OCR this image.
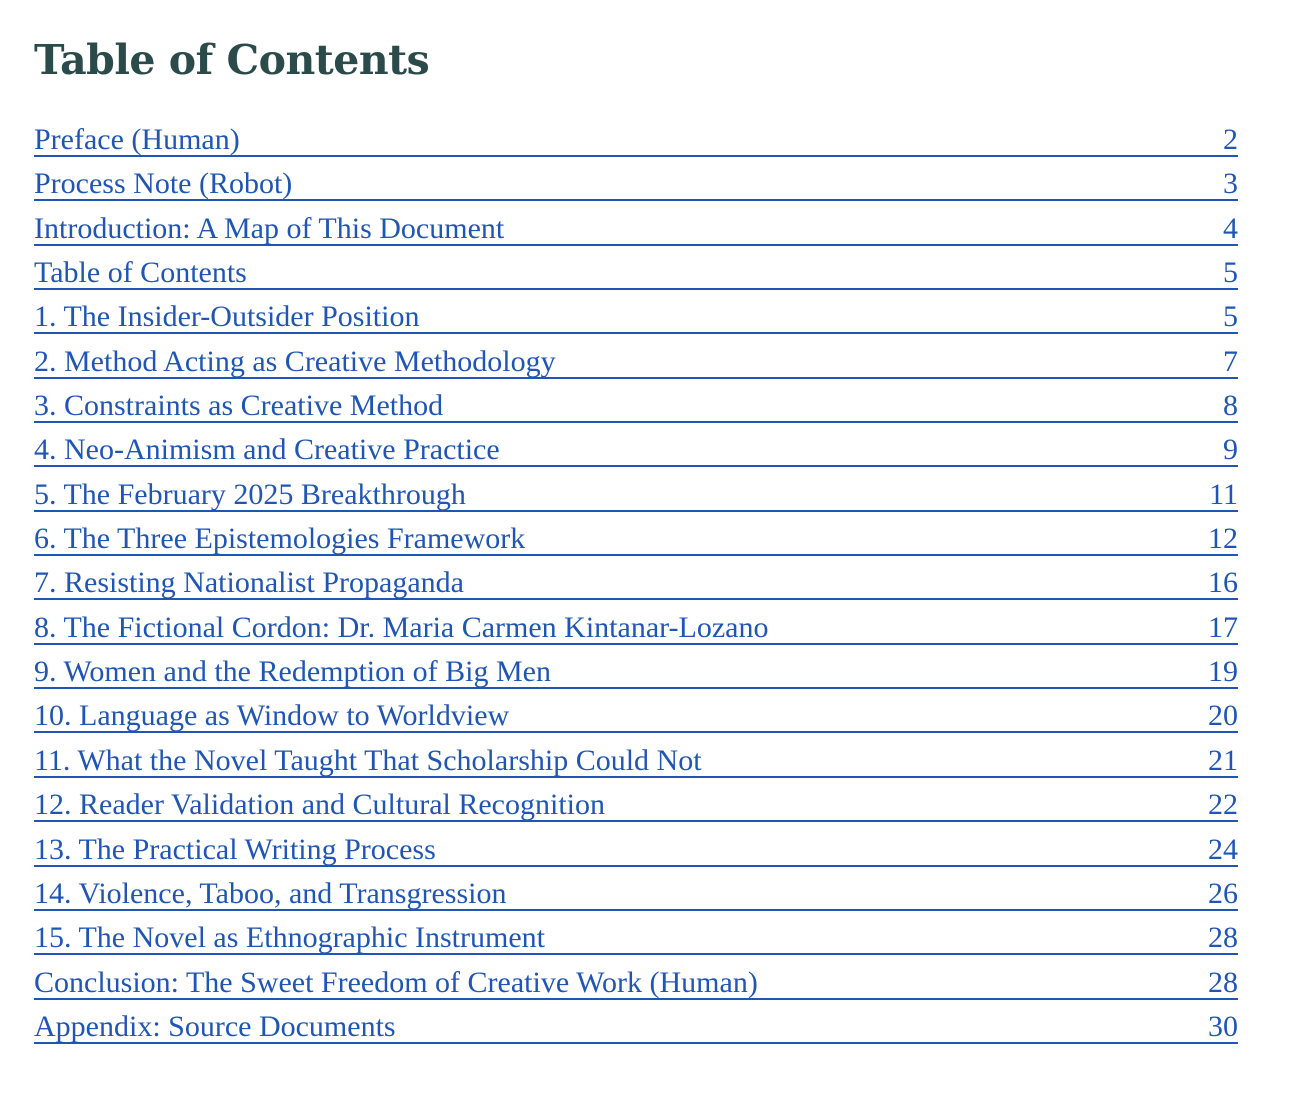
Table of Contents
Preface (Human)	2
Process Note (Robot)	3
Introduction: A Map of This Document	4
Table of Contents	5
1. The Insider-Outsider Position	5
2. Method Acting as Creative Methodology	7
3. Constraints as Creative Method	8
4. Neo-Animism and Creative Practice	9
5. The February 2025 Breakthrough	11
6. The Three Epistemologies Framework	12
7. Resisting Nationalist Propaganda	16
8. The Fictional Cordon: Dr. Maria Carmen Kintanar-Lozano	17
9. Women and the Redemption of Big Men	19
10. Language as Window to Worldview	20
11. What the Novel Taught That Scholarship Could Not	21
12. Reader Validation and Cultural Recognition	22
13. The Practical Writing Process	24
14. Violence, Taboo, and Transgression	26
15. The Novel as Ethnographic Instrument	28
Conclusion: The Sweet Freedom of Creative Work (Human)	28
Appendix: Source Documents	30
